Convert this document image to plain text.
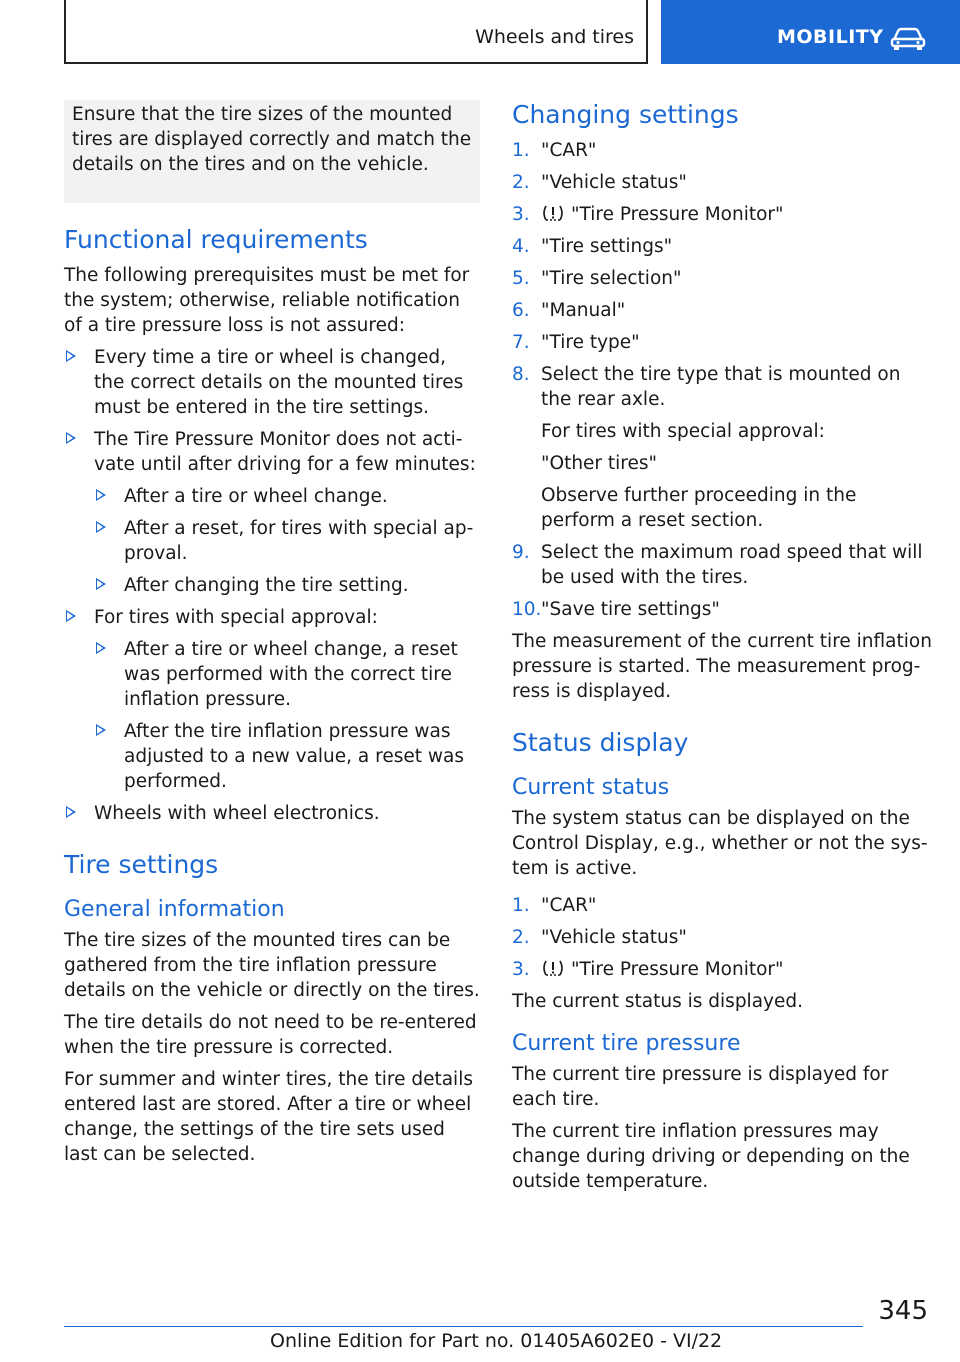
Wheels and tires	MOBILITY

Ensure that the tire sizes of the mounted tires are displayed correctly and match the details on the tires and on the vehicle.

Functional requirements

The following prerequisites must be met for the system; otherwise, reliable notification of a tire pressure loss is not assured:

Every time a tire or wheel is changed, the correct details on the mounted tires must be entered in the tire settings.
The Tire Pressure Monitor does not activate until after driving for a few minutes:
After a tire or wheel change.
After a reset, for tires with special approval.
After changing the tire setting.
For tires with special approval:
After a tire or wheel change, a reset was performed with the correct tire inflation pressure.
After the tire inflation pressure was adjusted to a new value, a reset was performed.
Wheels with wheel electronics.
Tire settings
General information

The tire sizes of the mounted tires can be gathered from the tire inflation pressure details on the vehicle or directly on the tires.

The tire details do not need to be re-entered when the tire pressure is corrected.

For summer and winter tires, the tire details entered last are stored. After a tire or wheel change, the settings of the tire sets used last can be selected.

Changing settings
1. "CAR"
2. "Vehicle status"
3. "Tire Pressure Monitor"
4. "Tire settings"
5. "Tire selection"
6. "Manual"
7. "Tire type"
8. Select the tire type that is mounted on the rear axle.
For tires with special approval:
"Other tires"
Observe further proceeding in the perform a reset section.
9. Select the maximum road speed that will be used with the tires.
10. "Save tire settings"

The measurement of the current tire inflation pressure is started. The measurement progress is displayed.

Status display
Current status

The system status can be displayed on the Control Display, e.g., whether or not the system is active.

1. "CAR"
2. "Vehicle status"
3. "Tire Pressure Monitor"

The current status is displayed.

Current tire pressure

The current tire pressure is displayed for each tire.

The current tire inflation pressures may change during driving or depending on the outside temperature.

345
Online Edition for Part no. 01405A602E0 - VI/22
